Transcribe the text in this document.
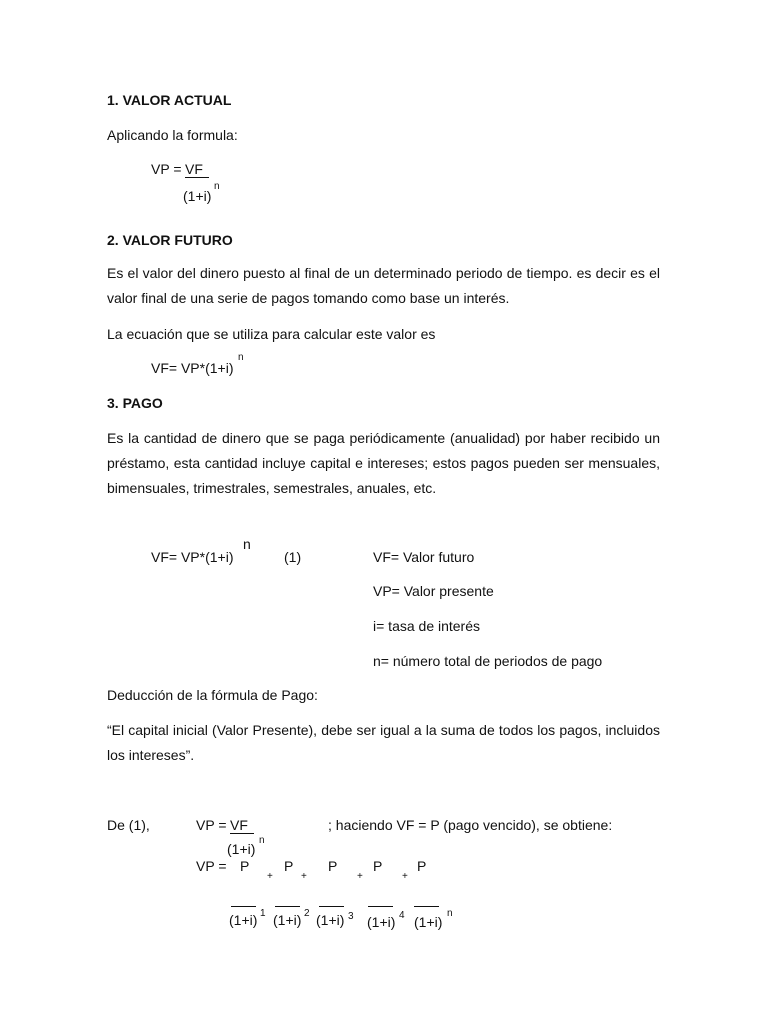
1. VALOR ACTUAL
Aplicando la formula:
VP = VF
(1+i)
n
2. VALOR FUTURO
Es el valor del dinero puesto al final de un determinado periodo de tiempo. es decir es el valor final de una serie de pagos tomando como base un interés.
La ecuación que se utiliza para calcular este valor es
VF= VP*(1+i)
n
3. PAGO
Es la cantidad de dinero que se paga periódicamente (anualidad) por haber recibido un préstamo, esta cantidad incluye capital e intereses; estos pagos pueden ser mensuales, bimensuales, trimestrales, semestrales, anuales, etc.
n
VF= VP*(1+i)	(1)	VF= Valor futuro
VP= Valor presente
i= tasa de interés
n= número total de periodos de pago
Deducción de la fórmula de Pago:
“El capital inicial (Valor Presente), debe ser igual a la suma de todos los pagos, incluidos los intereses”.
De (1),	VP = VF
(1+i)
n
; haciendo VF = P (pago vencido), se obtiene:
VP = P
(1+i) 1
+
P
(1+i) 2
+
P
(1+i) 3
+
P
(1+i) 4
+
P
(1+i)
n
